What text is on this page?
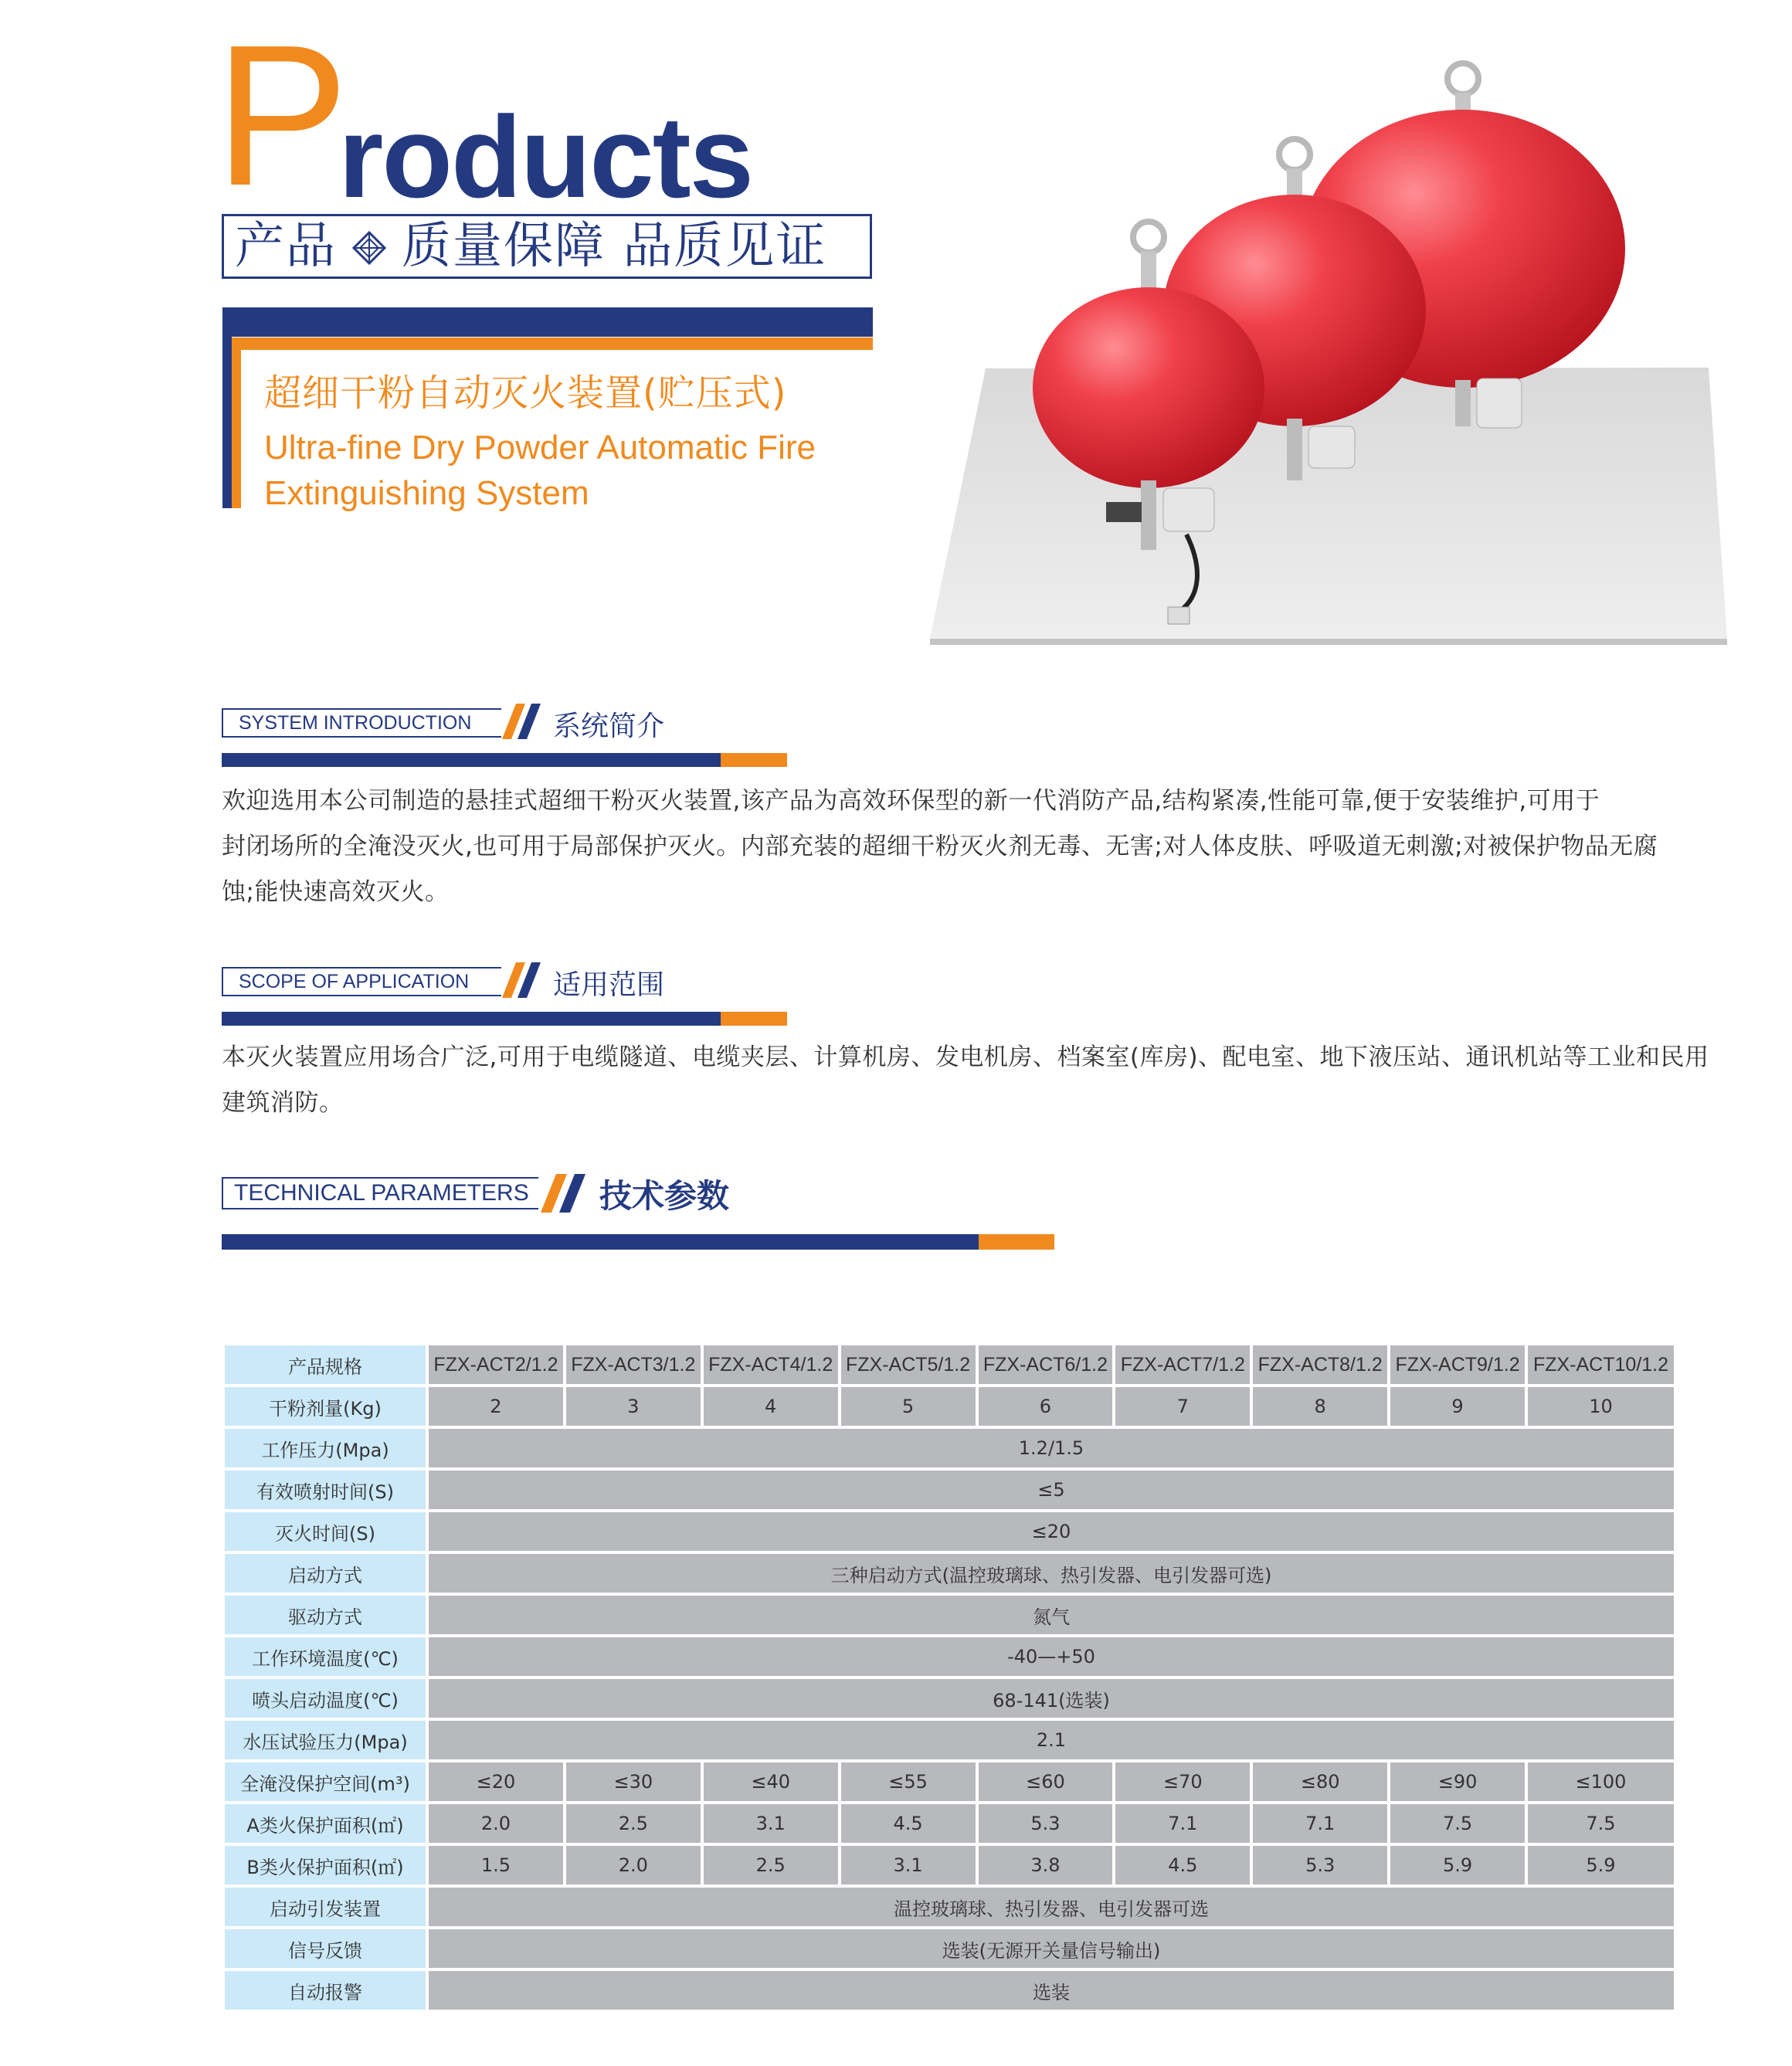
P
roducts
产品 质量保障 品质见证
超细干粉自动灭火装置(贮压式)
Ultra-fine Dry Powder Automatic Fire
Extinguishing System
SYSTEM INTRODUCTION	系统简介
欢迎选用本公司制造的悬挂式超细干粉灭火装置,该产品为高效环保型的新一代消防产品,结构紧凑,性能可靠,便于安装维护,可用于
封闭场所的全淹没灭火,也可用于局部保护灭火。内部充装的超细干粉灭火剂无毒、无害;对人体皮肤、呼吸道无刺激;对被保护物品无腐
蚀;能快速高效灭火。
SCOPE OF APPLICATION	适用范围
本灭火装置应用场合广泛,可用于电缆隧道、电缆夹层、计算机房、发电机房、档案室(库房)、配电室、地下液压站、通讯机站等工业和民用
建筑消防。
TECHNICAL PARAMETERS 技术参数
产品规格	FZX-ACT2/1.2	FZX-ACT3/1.2	FZX-ACT4/1.2	FZX-ACT5/1.2	FZX-ACT6/1.2	FZX-ACT7/1.2	FZX-ACT8/1.2	FZX-ACT9/1.2	FZX-ACT10/1.2
干粉剂量(Kg)	2	3	4	5	6	7	8	9	10
工作压力(Mpa)	1.2/1.5								
有效喷射时间(S)	≤5								
灭火时间(S)	≤20								
启动方式	三种启动方式(温控玻璃球、热引发器、电引发器可选)								
驱动方式	氮气								
工作环境温度(℃)	-40—+50								
喷头启动温度(℃)	68-141(选装)								
水压试验压力(Mpa)	2.1								
全淹没保护空间(m³)	≤20	≤30	≤40	≤55	≤60	≤70	≤80	≤90	≤100
A类火保护面积(㎡)	2.0	2.5	3.1	4.5	5.3	7.1	7.1	7.5	7.5
B类火保护面积(㎡)	1.5	2.0	2.5	3.1	3.8	4.5	5.3	5.9	5.9
启动引发装置	温控玻璃球、热引发器、电引发器可选								
信号反馈	选装(无源开关量信号输出)								
自动报警	选装								
